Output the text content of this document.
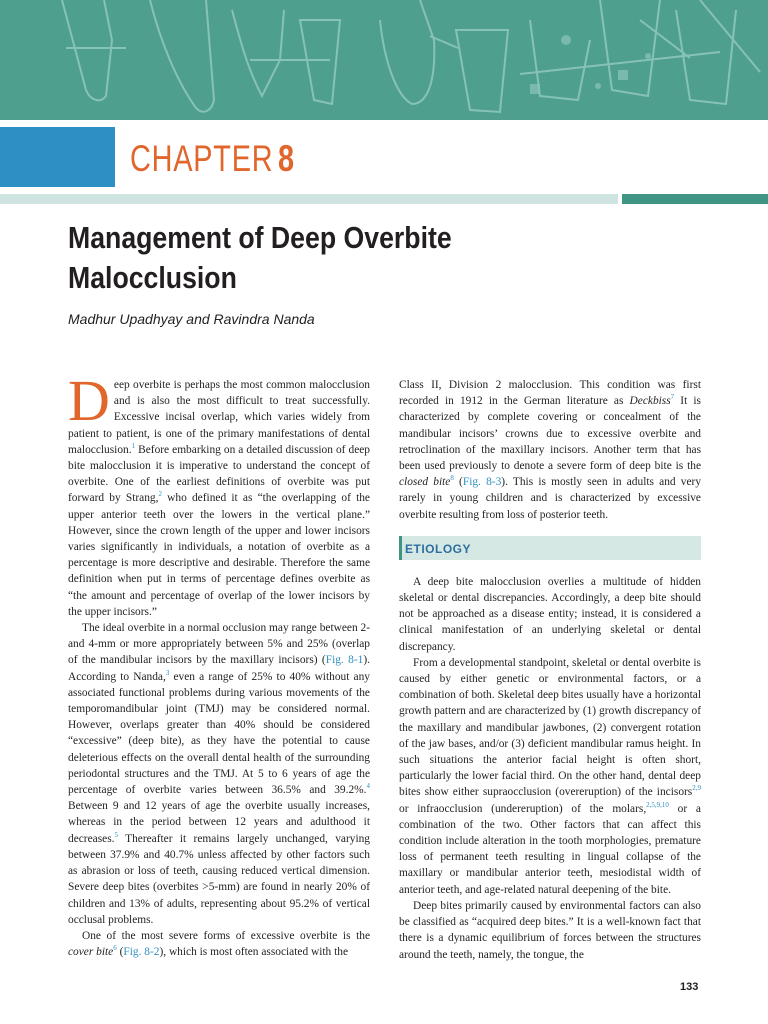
CHAPTER 8
Management of Deep Overbite
Malocclusion
Madhur Upadhyay and Ravindra Nanda

Deep overbite is perhaps the most common malocclusion and is also the most difficult to treat successfully. Excessive incisal overlap, which varies widely from patient to patient, is one of the primary manifestations of dental malocclusion.$^1$ Before embarking on a detailed discussion of deep bite malocclusion it is imperative to understand the concept of overbite. One of the earliest definitions of overbite was put forward by Strang,$^2$ who defined it as “the overlapping of the upper anterior teeth over the lowers in the vertical plane.” However, since the crown length of the upper and lower incisors varies significantly in individuals, a notation of overbite as a percentage is more descriptive and desirable. Therefore the same definition when put in terms of percentage defines overbite as “the amount and percentage of overlap of the lower incisors by the upper incisors.”

The ideal overbite in a normal occlusion may range between 2- and 4-mm or more appropriately between 5% and 25% (overlap of the mandibular incisors by the maxillary incisors) (Fig. 8-1). According to Nanda,$^3$ even a range of 25% to 40% without any associated functional problems during various movements of the temporomandibular joint (TMJ) may be considered normal. However, overlaps greater than 40% should be considered “excessive” (deep bite), as they have the potential to cause deleterious effects on the overall dental health of the surrounding periodontal structures and the TMJ. At 5 to 6 years of age the percentage of overbite varies between 36.5% and 39.2%.$^4$ Between 9 and 12 years of age the overbite usually increases, whereas in the period between 12 years and adulthood it decreases.$^5$ Thereafter it remains largely unchanged, varying between 37.9% and 40.7% unless affected by other factors such as abrasion or loss of teeth, causing reduced vertical dimension. Severe deep bites (overbites >5-mm) are found in nearly 20% of children and 13% of adults, representing about 95.2% of vertical occlusal problems.

One of the most severe forms of excessive overbite is the cover bite$^6$ (Fig. 8-2), which is most often associated with the

Class II, Division 2 malocclusion. This condition was first recorded in 1912 in the German literature as Deckbiss$^7$ It is characterized by complete covering or concealment of the mandibular incisors’ crowns due to excessive overbite and retroclination of the maxillary incisors. Another term that has been used previously to denote a severe form of deep bite is the closed bite$^8$ (Fig. 8-3). This is mostly seen in adults and very rarely in young children and is characterized by excessive overbite resulting from loss of posterior teeth.

ETIOLOGY

A deep bite malocclusion overlies a multitude of hidden skeletal or dental discrepancies. Accordingly, a deep bite should not be approached as a disease entity; instead, it is considered a clinical manifestation of an underlying skeletal or dental discrepancy.

From a developmental standpoint, skeletal or dental overbite is caused by either genetic or environmental factors, or a combination of both. Skeletal deep bites usually have a horizontal growth pattern and are characterized by (1) growth discrepancy of the maxillary and mandibular jawbones, (2) convergent rotation of the jaw bases, and/or (3) deficient mandibular ramus height. In such situations the anterior facial height is often short, particularly the lower facial third. On the other hand, dental deep bites show either supraocclusion (overeruption) of the incisors$^{2,9}$ or infraocclusion (undereruption) of the molars,$^{2,5,9,10}$ or a combination of the two. Other factors that can affect this condition include alteration in the tooth morphologies, premature loss of permanent teeth resulting in lingual collapse of the maxillary or mandibular anterior teeth, mesiodistal width of anterior teeth, and age-related natural deepening of the bite.

Deep bites primarily caused by environmental factors can also be classified as “acquired deep bites.” It is a well-known fact that there is a dynamic equilibrium of forces between the structures around the teeth, namely, the tongue, the

133
